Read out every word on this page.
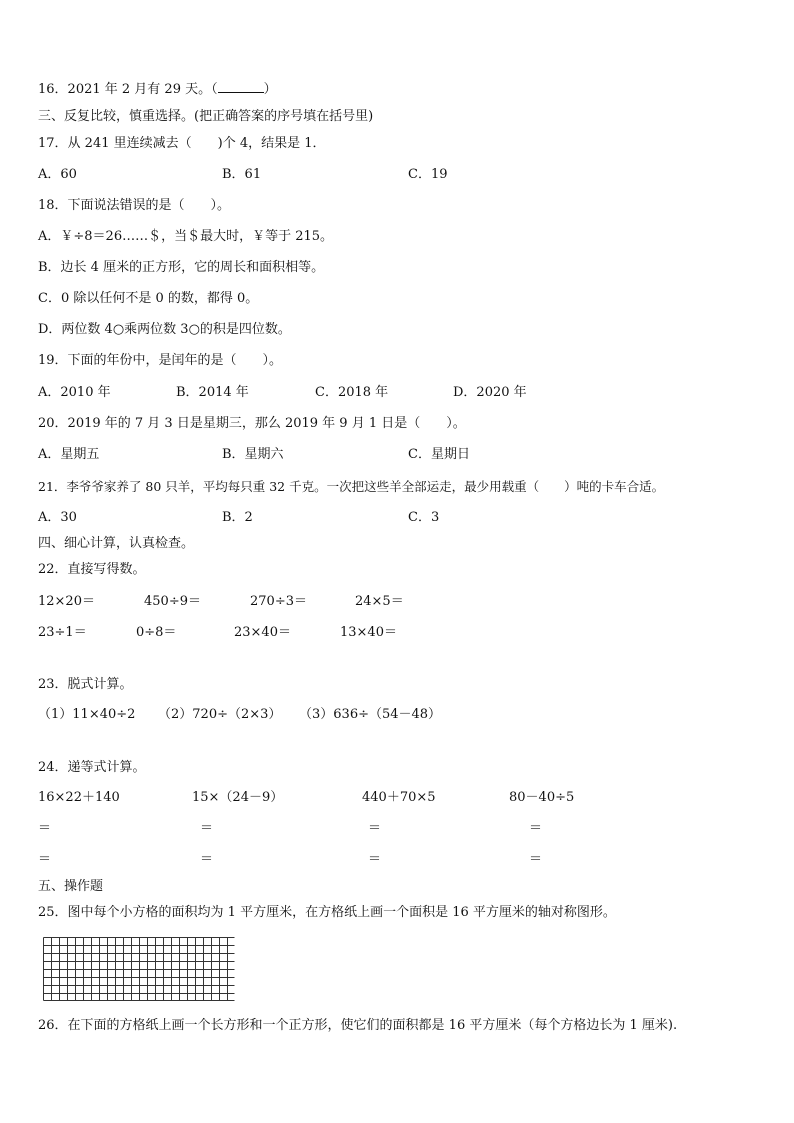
16．2021 年 2 月有 29 天。（	）
三、反复比较，慎重选择。(把正确答案的序号填在括号里)
17．从 241 里连续减去（　　)个 4，结果是 1．
A．60	B．61	C．19
18．下面说法错误的是（　　）。
A．￥÷8＝26……＄，当＄最大时，￥等于 215。
B．边长 4 厘米的正方形，它的周长和面积相等。
C．0 除以任何不是 0 的数，都得 0。
D．两位数 4○乘两位数 3○的积是四位数。
19．下面的年份中，是闰年的是（　　）。
A．2010 年	B．2014 年	C．2018 年	D．2020 年
20．2019 年的 7 月 3 日是星期三，那么 2019 年 9 月 1 日是（　　）。
A．星期五	B．星期六	C．星期日
21．李爷爷家养了 80 只羊，平均每只重 32 千克。一次把这些羊全部运走，最少用载重（　　）吨的卡车合适。
A．30	B．2	C．3
四、细心计算，认真检查。
22．直接写得数。
12×20＝	450÷9＝	270÷3＝	24×5＝
23÷1＝	0÷8＝	23×40＝	13×40＝
23．脱式计算。
（1）11×40÷2 （2）720÷（2×3） （3）636÷（54－48）
24．递等式计算。
16×22＋140	15×（24－9）	440＋70×5	80－40÷5
＝	＝	＝	＝
＝	＝	＝	＝
五、操作题
25．图中每个小方格的面积均为 1 平方厘米，在方格纸上画一个面积是 16 平方厘米的轴对称图形。
26．在下面的方格纸上画一个长方形和一个正方形，使它们的面积都是 16 平方厘米（每个方格边长为 1 厘米).
